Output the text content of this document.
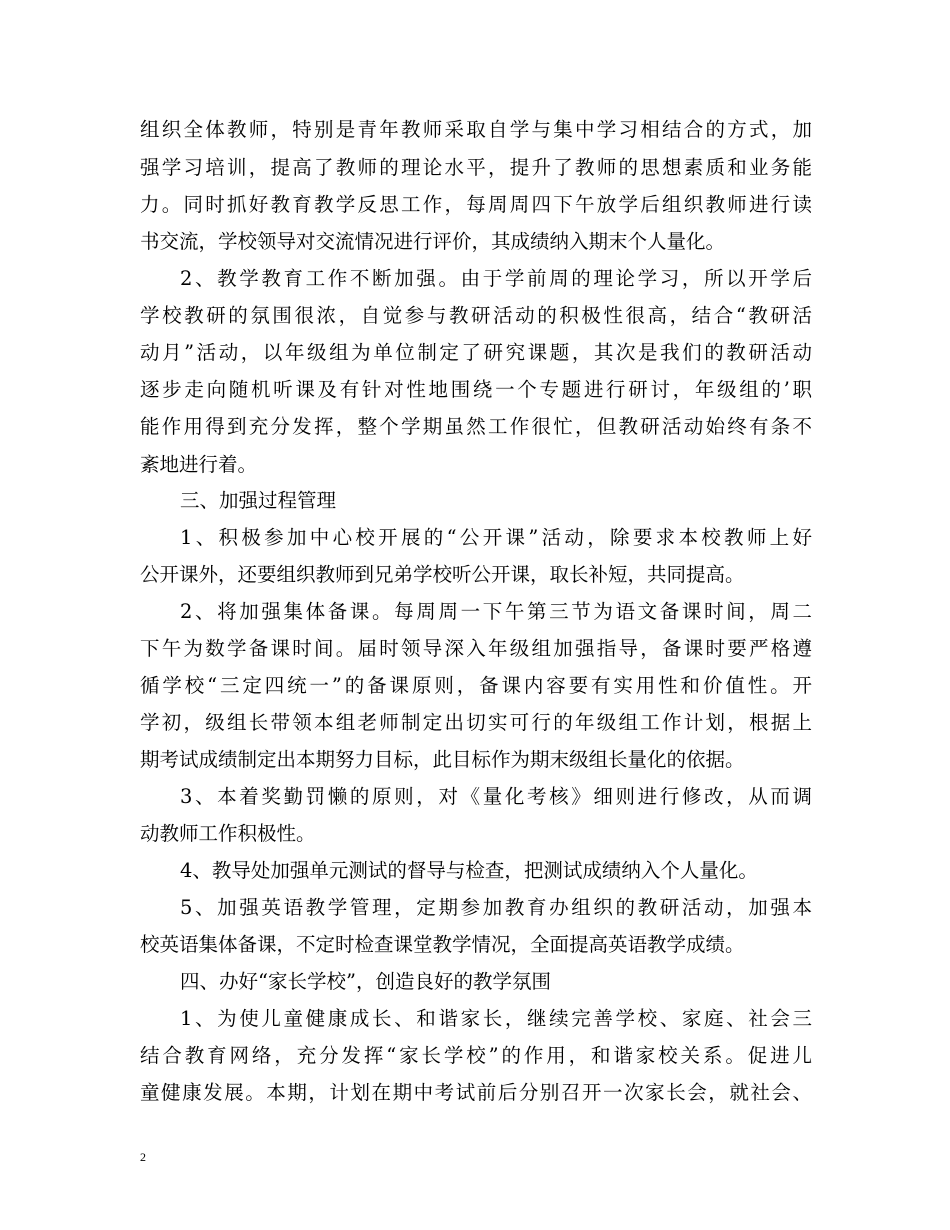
组织全体教师，特别是青年教师采取自学与集中学习相结合的方式，加
强学习培训，提高了教师的理论水平，提升了教师的思想素质和业务能
力。同时抓好教育教学反思工作，每周周四下午放学后组织教师进行读
书交流，学校领导对交流情况进行评价，其成绩纳入期末个人量化。
2、教学教育工作不断加强。由于学前周的理论学习，所以开学后
学校教研的氛围很浓，自觉参与教研活动的积极性很高，结合“教研活
动月”活动，以年级组为单位制定了研究课题，其次是我们的教研活动
逐步走向随机听课及有针对性地围绕一个专题进行研讨，年级组的’职
能作用得到充分发挥，整个学期虽然工作很忙，但教研活动始终有条不
紊地进行着。
三、加强过程管理
1、积极参加中心校开展的“公开课”活动，除要求本校教师上好
公开课外，还要组织教师到兄弟学校听公开课，取长补短，共同提高。
2、将加强集体备课。每周周一下午第三节为语文备课时间，周二
下午为数学备课时间。届时领导深入年级组加强指导，备课时要严格遵
循学校“三定四统一”的备课原则，备课内容要有实用性和价值性。开
学初，级组长带领本组老师制定出切实可行的年级组工作计划，根据上
期考试成绩制定出本期努力目标，此目标作为期末级组长量化的依据。
3、本着奖勤罚懒的原则，对《量化考核》细则进行修改，从而调
动教师工作积极性。
4、教导处加强单元测试的督导与检查，把测试成绩纳入个人量化。
5、加强英语教学管理，定期参加教育办组织的教研活动，加强本
校英语集体备课，不定时检查课堂教学情况，全面提高英语教学成绩。
四、办好“家长学校”，创造良好的教学氛围
1、为使儿童健康成长、和谐家长，继续完善学校、家庭、社会三
结合教育网络，充分发挥“家长学校”的作用，和谐家校关系。促进儿
童健康发展。本期，计划在期中考试前后分别召开一次家长会，就社会、
2
